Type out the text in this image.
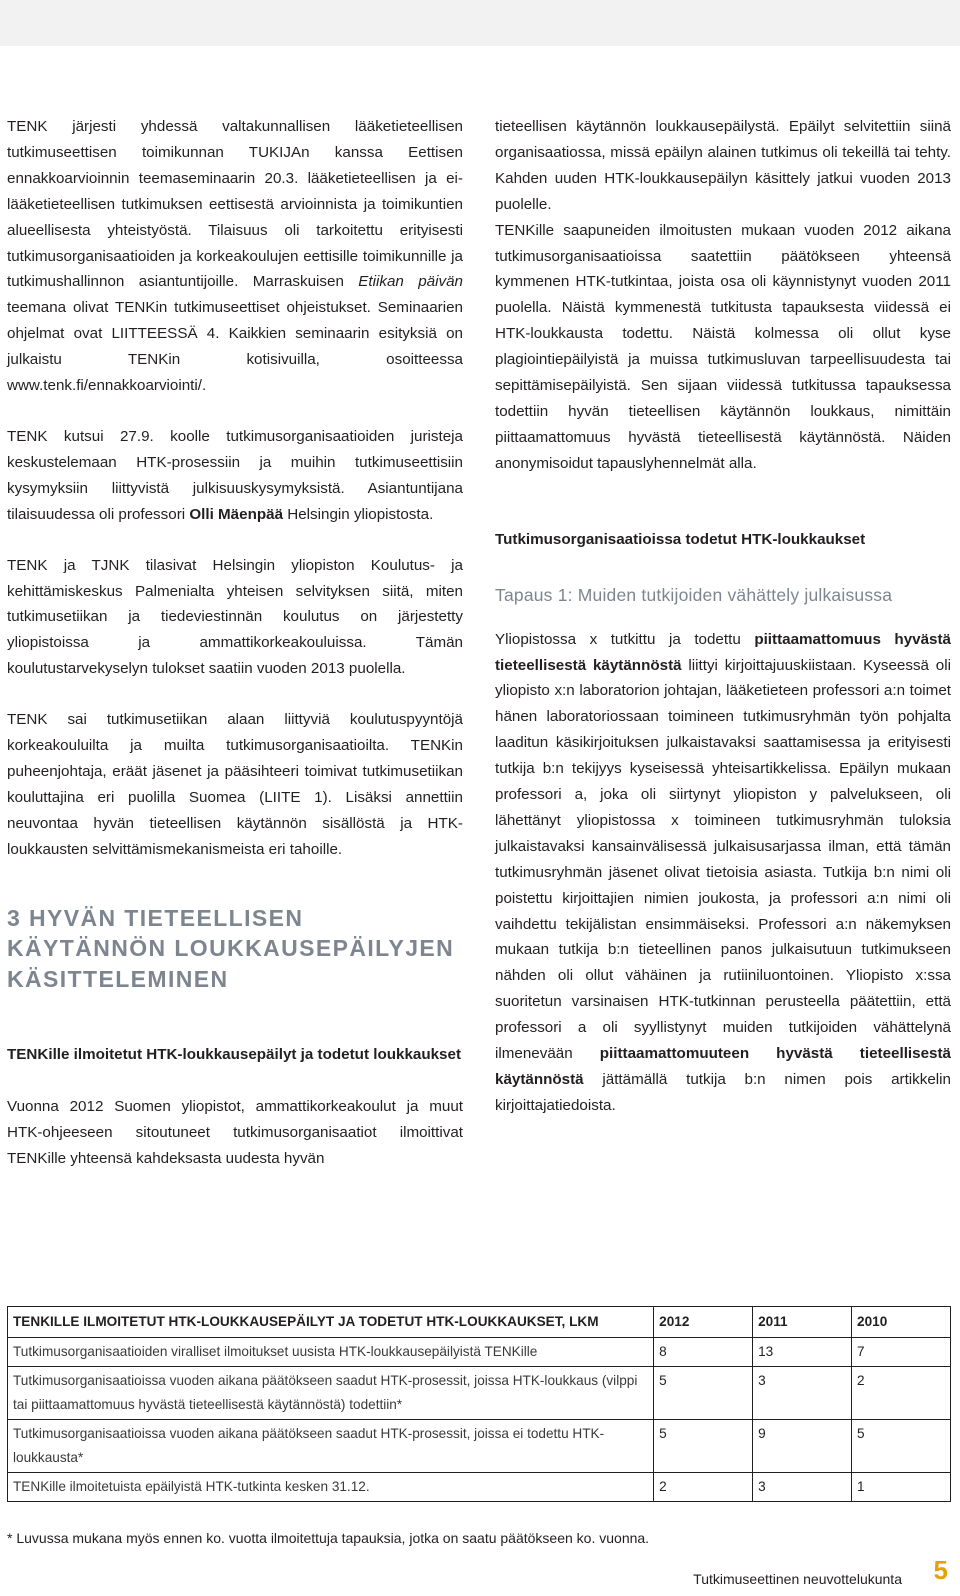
TENK järjesti yhdessä valtakunnallisen lääketieteellisen tutkimuseettisen toimikunnan TUKIJAn kanssa Eettisen ennakkoarvioinnin teemaseminaarin 20.3. lääketieteellisen ja ei-lääketieteellisen tutkimuksen eettisestä arvioinnista ja toimikuntien alueellisesta yhteistyöstä. Tilaisuus oli tarkoitettu erityisesti tutkimusorganisaatioiden ja korkeakoulujen eettisille toimikunnille ja tutkimushallinnon asiantuntijoille. Marraskuisen Etiikan päivän teemana olivat TENKin tutkimuseettiset ohjeistukset. Seminaarien ohjelmat ovat LIITTEESSÄ 4. Kaikkien seminaarin esityksiä on julkaistu TENKin kotisivuilla, osoitteessa www.tenk.fi/ennakkoarviointi/.

TENK kutsui 27.9. koolle tutkimusorganisaatioiden juristeja keskustelemaan HTK-prosessiin ja muihin tutkimuseettisiin kysymyksiin liittyvistä julkisuuskysymyksistä. Asiantuntijana tilaisuudessa oli professori Olli Mäenpää Helsingin yliopistosta.

TENK ja TJNK tilasivat Helsingin yliopiston Koulutus- ja kehittämiskeskus Palmenialta yhteisen selvityksen siitä, miten tutkimusetiikan ja tiedeviestinnän koulutus on järjestetty yliopistoissa ja ammattikorkeakouluissa. Tämän koulutustarvekyselyn tulokset saatiin vuoden 2013 puolella.

TENK sai tutkimusetiikan alaan liittyviä koulutuspyyntöjä korkeakouluilta ja muilta tutkimusorganisaatioilta. TENKin puheenjohtaja, eräät jäsenet ja pääsihteeri toimivat tutkimusetiikan kouluttajina eri puolilla Suomea (LIITE 1). Lisäksi annettiin neuvontaa hyvän tieteellisen käytännön sisällöstä ja HTK-loukkausten selvittämismekanismeista eri tahoille.

3 HYVÄN TIETEELLISEN KÄYTÄNNÖN LOUKKAUSEPÄILYJEN KÄSITTELEMINEN
TENKille ilmoitetut HTK-loukkausepäilyt ja todetut loukkaukset

Vuonna 2012 Suomen yliopistot, ammattikorkeakoulut ja muut HTK-ohjeeseen sitoutuneet tutkimusorganisaatiot ilmoittivat TENKille yhteensä kahdeksasta uudesta hyvän

tieteellisen käytännön loukkausepäilystä. Epäilyt selvitettiin siinä organisaatiossa, missä epäilyn alainen tutkimus oli tekeillä tai tehty. Kahden uuden HTK-loukkausepäilyn käsittely jatkui vuoden 2013 puolelle.

TENKille saapuneiden ilmoitusten mukaan vuoden 2012 aikana tutkimusorganisaatioissa saatettiin päätökseen yhteensä kymmenen HTK-tutkintaa, joista osa oli käynnistynyt vuoden 2011 puolella. Näistä kymmenestä tutkitusta tapauksesta viidessä ei HTK-loukkausta todettu. Näistä kolmessa oli ollut kyse plagiointiepäilyistä ja muissa tutkimusluvan tarpeellisuudesta tai sepittämisepäilyistä. Sen sijaan viidessä tutkitussa tapauksessa todettiin hyvän tieteellisen käytännön loukkaus, nimittäin piittaamattomuus hyvästä tieteellisestä käytännöstä. Näiden anonymisoidut tapauslyhennelmät alla.

Tutkimusorganisaatioissa todetut HTK-loukkaukset
Tapaus 1: Muiden tutkijoiden vähättely julkaisussa

Yliopistossa x tutkittu ja todettu piittaamattomuus hyvästä tieteellisestä käytännöstä liittyi kirjoittajuuskiistaan. Kyseessä oli yliopisto x:n laboratorion johtajan, lääketieteen professori a:n toimet hänen laboratoriossaan toimineen tutkimusryhmän työn pohjalta laaditun käsikirjoituksen julkaistavaksi saattamisessa ja erityisesti tutkija b:n tekijyys kyseisessä yhteisartikkelissa. Epäilyn mukaan professori a, joka oli siirtynyt yliopiston y palvelukseen, oli lähettänyt yliopistossa x toimineen tutkimusryhmän tuloksia julkaistavaksi kansainvälisessä julkaisusarjassa ilman, että tämän tutkimusryhmän jäsenet olivat tietoisia asiasta. Tutkija b:n nimi oli poistettu kirjoittajien nimien joukosta, ja professori a:n nimi oli vaihdettu tekijälistan ensimmäiseksi. Professori a:n näkemyksen mukaan tutkija b:n tieteellinen panos julkaisutuun tutkimukseen nähden oli ollut vähäinen ja rutiiniluontoinen. Yliopisto x:ssa suoritetun varsinaisen HTK-tutkinnan perusteella päätettiin, että professori a oli syyllistynyt muiden tutkijoiden vähättelynä ilmenevään piittaamattomuuteen hyvästä tieteellisestä käytännöstä jättämällä tutkija b:n nimen pois artikkelin kirjoittajatiedoista.

TENKILLE ILMOITETUT HTK-LOUKKAUSEPÄILYT JA TODETUT HTK-LOUKKAUKSET, LKM	2012	2011	2010
Tutkimusorganisaatioiden viralliset ilmoitukset uusista HTK-loukkausepäilyistä TENKille	8	13	7
Tutkimusorganisaatioissa vuoden aikana päätökseen saadut HTK-prosessit, joissa HTK-loukkaus (vilppi tai piittaamattomuus hyvästä tieteellisestä käytännöstä) todettiin*	5	3	2
Tutkimusorganisaatioissa vuoden aikana päätökseen saadut HTK-prosessit, joissa ei todettu HTK-loukkausta*	5	9	5
TENKille ilmoitetuista epäilyistä HTK-tutkinta kesken 31.12.	2	3	1
* Luvussa mukana myös ennen ko. vuotta ilmoitettuja tapauksia, jotka on saatu päätökseen ko. vuonna.
Tutkimuseettinen neuvottelukunta 5
